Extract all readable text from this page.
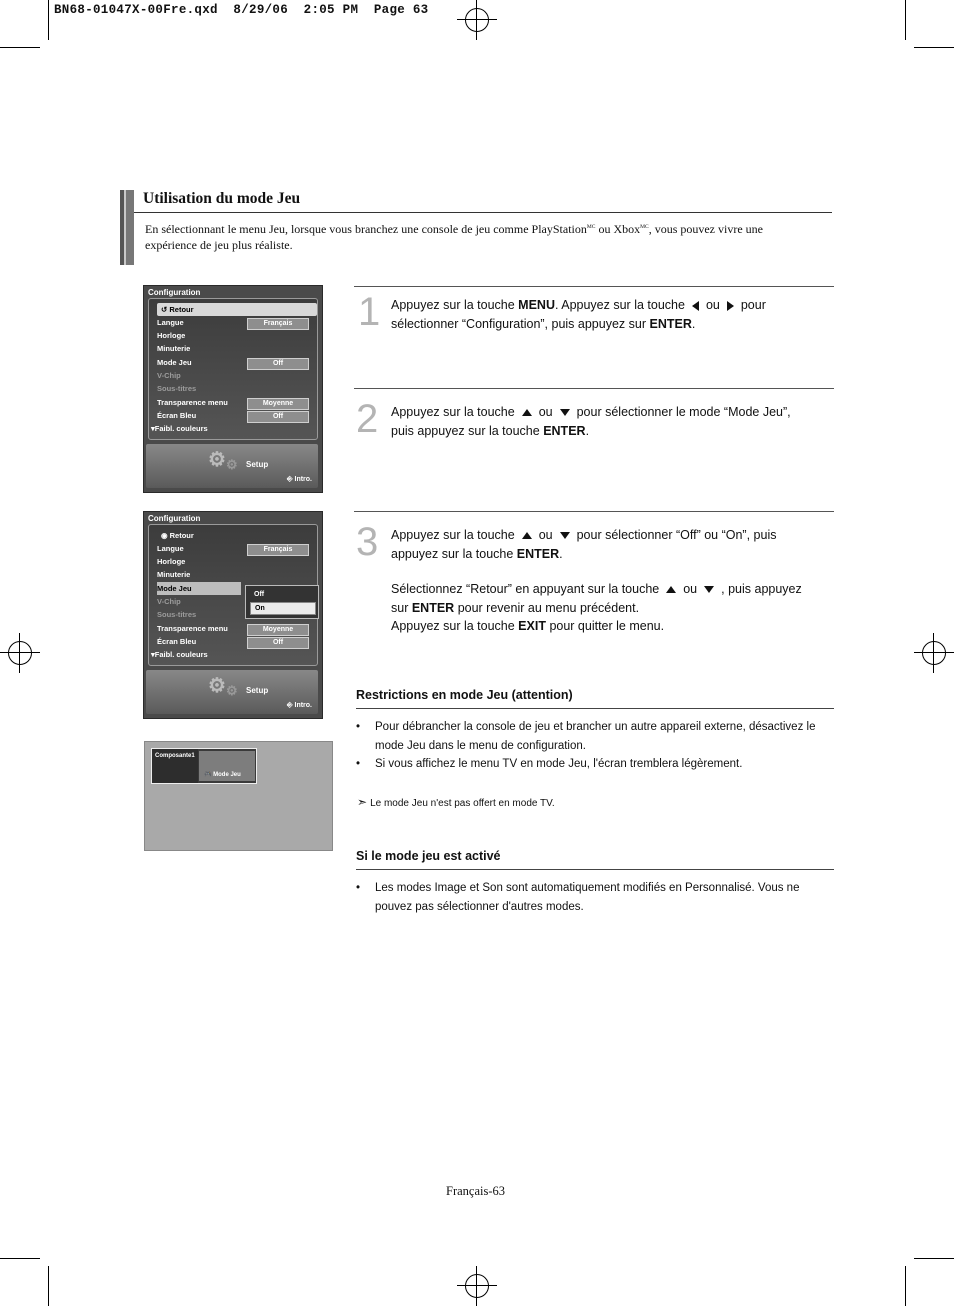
BN68-01047X-00Fre.qxd  8/29/06  2:05 PM  Page 63
Utilisation du mode Jeu
En sélectionnant le menu Jeu, lorsque vous branchez une console de jeu comme PlayStation$^{MC}$ ou Xbox$^{MC}$, vous pouvez vivre une expérience de jeu plus réaliste.
Configuration
↺ Retour
Langue	Français
Horloge
Minuterie
Mode Jeu	Off
V-Chip
Sous-titres
Transparence menu	Moyenne
Écran Bleu	Off
▾Faibl. couleurs
⚙ ⚙ Setup
⎆ Intro.
Configuration
◉ Retour
Langue	Français
Horloge
Minuterie
Mode Jeu
V-Chip
Sous-titres
Transparence menu	Moyenne
Écran Bleu	Off
▾Faibl. couleurs
Off
On
⚙ ⚙ Setup
⎆ Intro.
Composante1
🎮 Mode Jeu
1 Appuyez sur la touche MENU. Appuyez sur la touche ou pour sélectionner “Configuration”, puis appuyez sur ENTER.
2 Appuyez sur la touche ou pour sélectionner le mode “Mode Jeu”, puis appuyez sur la touche ENTER.
3 Appuyez sur la touche ou pour sélectionner “Off” ou “On”, puis appuyez sur la touche ENTER.
Sélectionnez “Retour” en appuyant sur la touche ou , puis appuyez sur ENTER pour revenir au menu précédent.
Appuyez sur la touche EXIT pour quitter le menu.
Restrictions en mode Jeu (attention)
• Pour débrancher la console de jeu et brancher un autre appareil externe, désactivez le mode Jeu dans le menu de configuration.
• Si vous affichez le menu TV en mode Jeu, l'écran tremblera légèrement.
➣ Le mode Jeu n'est pas offert en mode TV.
Si le mode jeu est activé
• Les modes Image et Son sont automatiquement modifiés en Personnalisé. Vous ne pouvez pas sélectionner d'autres modes.
Français-63
